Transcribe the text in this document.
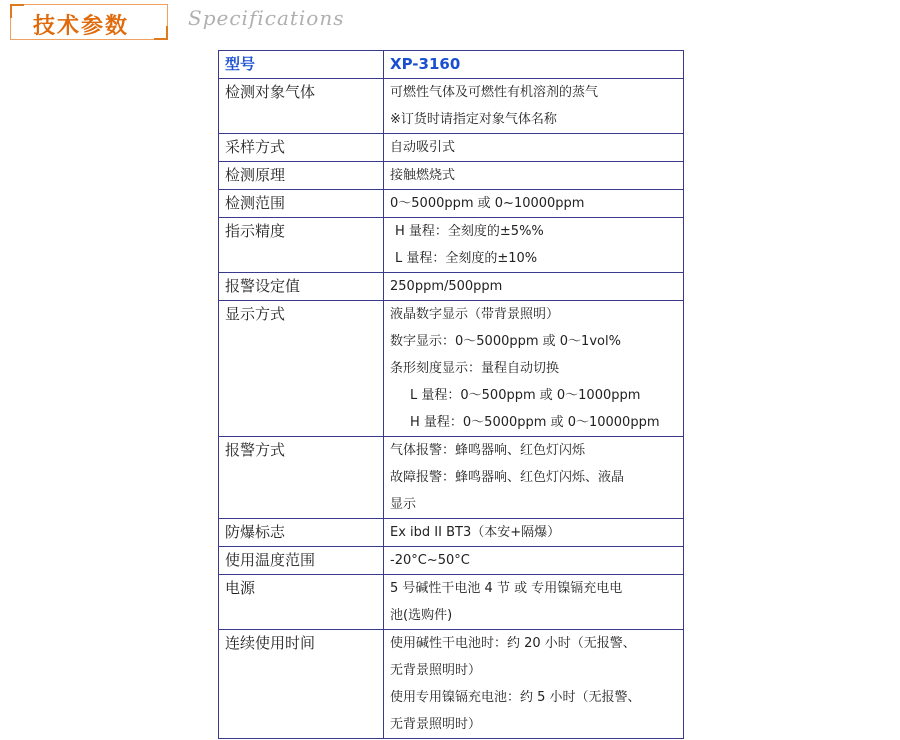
技术参数	Specifications
型号	XP-3160

检测对象气体	可燃性气体及可燃性有机溶剂的蒸气
※订货时请指定对象气体名称

采样方式	自动吸引式

检测原理	接触燃烧式

检测范围	0～5000ppm 或 0~10000ppm

指示精度	H 量程：全刻度的±5%%
L 量程：全刻度的±10%

报警设定值	250ppm/500ppm

显示方式	液晶数字显示（带背景照明）
数字显示：0～5000ppm 或 0～1vol%
条形刻度显示：量程自动切换
L 量程：0～500ppm 或 0～1000ppm
H 量程：0～5000ppm 或 0～10000ppm

报警方式	气体报警：蜂鸣器响、红色灯闪烁
故障报警：蜂鸣器响、红色灯闪烁、液晶
显示

防爆标志	Ex ibd II BT3（本安+隔爆）

使用温度范围	-20°C~50°C

电源	5 号碱性干电池 4 节 或 专用镍镉充电电
池(选购件)

连续使用时间	使用碱性干电池时：约 20 小时（无报警、
无背景照明时）
使用专用镍镉充电池：约 5 小时（无报警、
无背景照明时）
